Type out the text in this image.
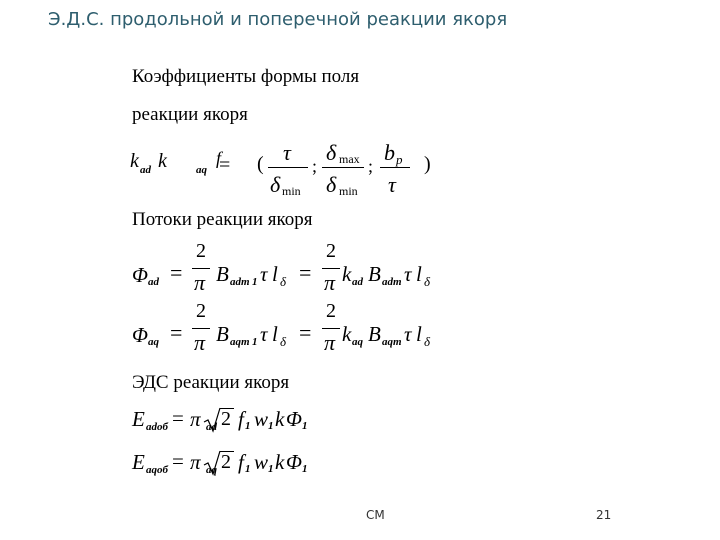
Э.Д.С. продольной и поперечной реакции якоря
Коэффициенты формы поля
реакции якоря
k ad k	aq
f
= ( τ
δ min
;
δ max
δ min
;
b p
τ
)
Потоки реакции якоря
Φ ad =
2
π B adm 1 τ l δ =
2
π k ad B adm τ l δ
Φ aq =
2
π B aqm 1 τ l δ =
2
π k aq B aqm τ l δ
ЭДС реакции якоря
E adoб = π ad 2 f 1 w 1 k Φ 1
E aqoб = π aq 2 f 1 w 1 k Φ 1
СМ	21
